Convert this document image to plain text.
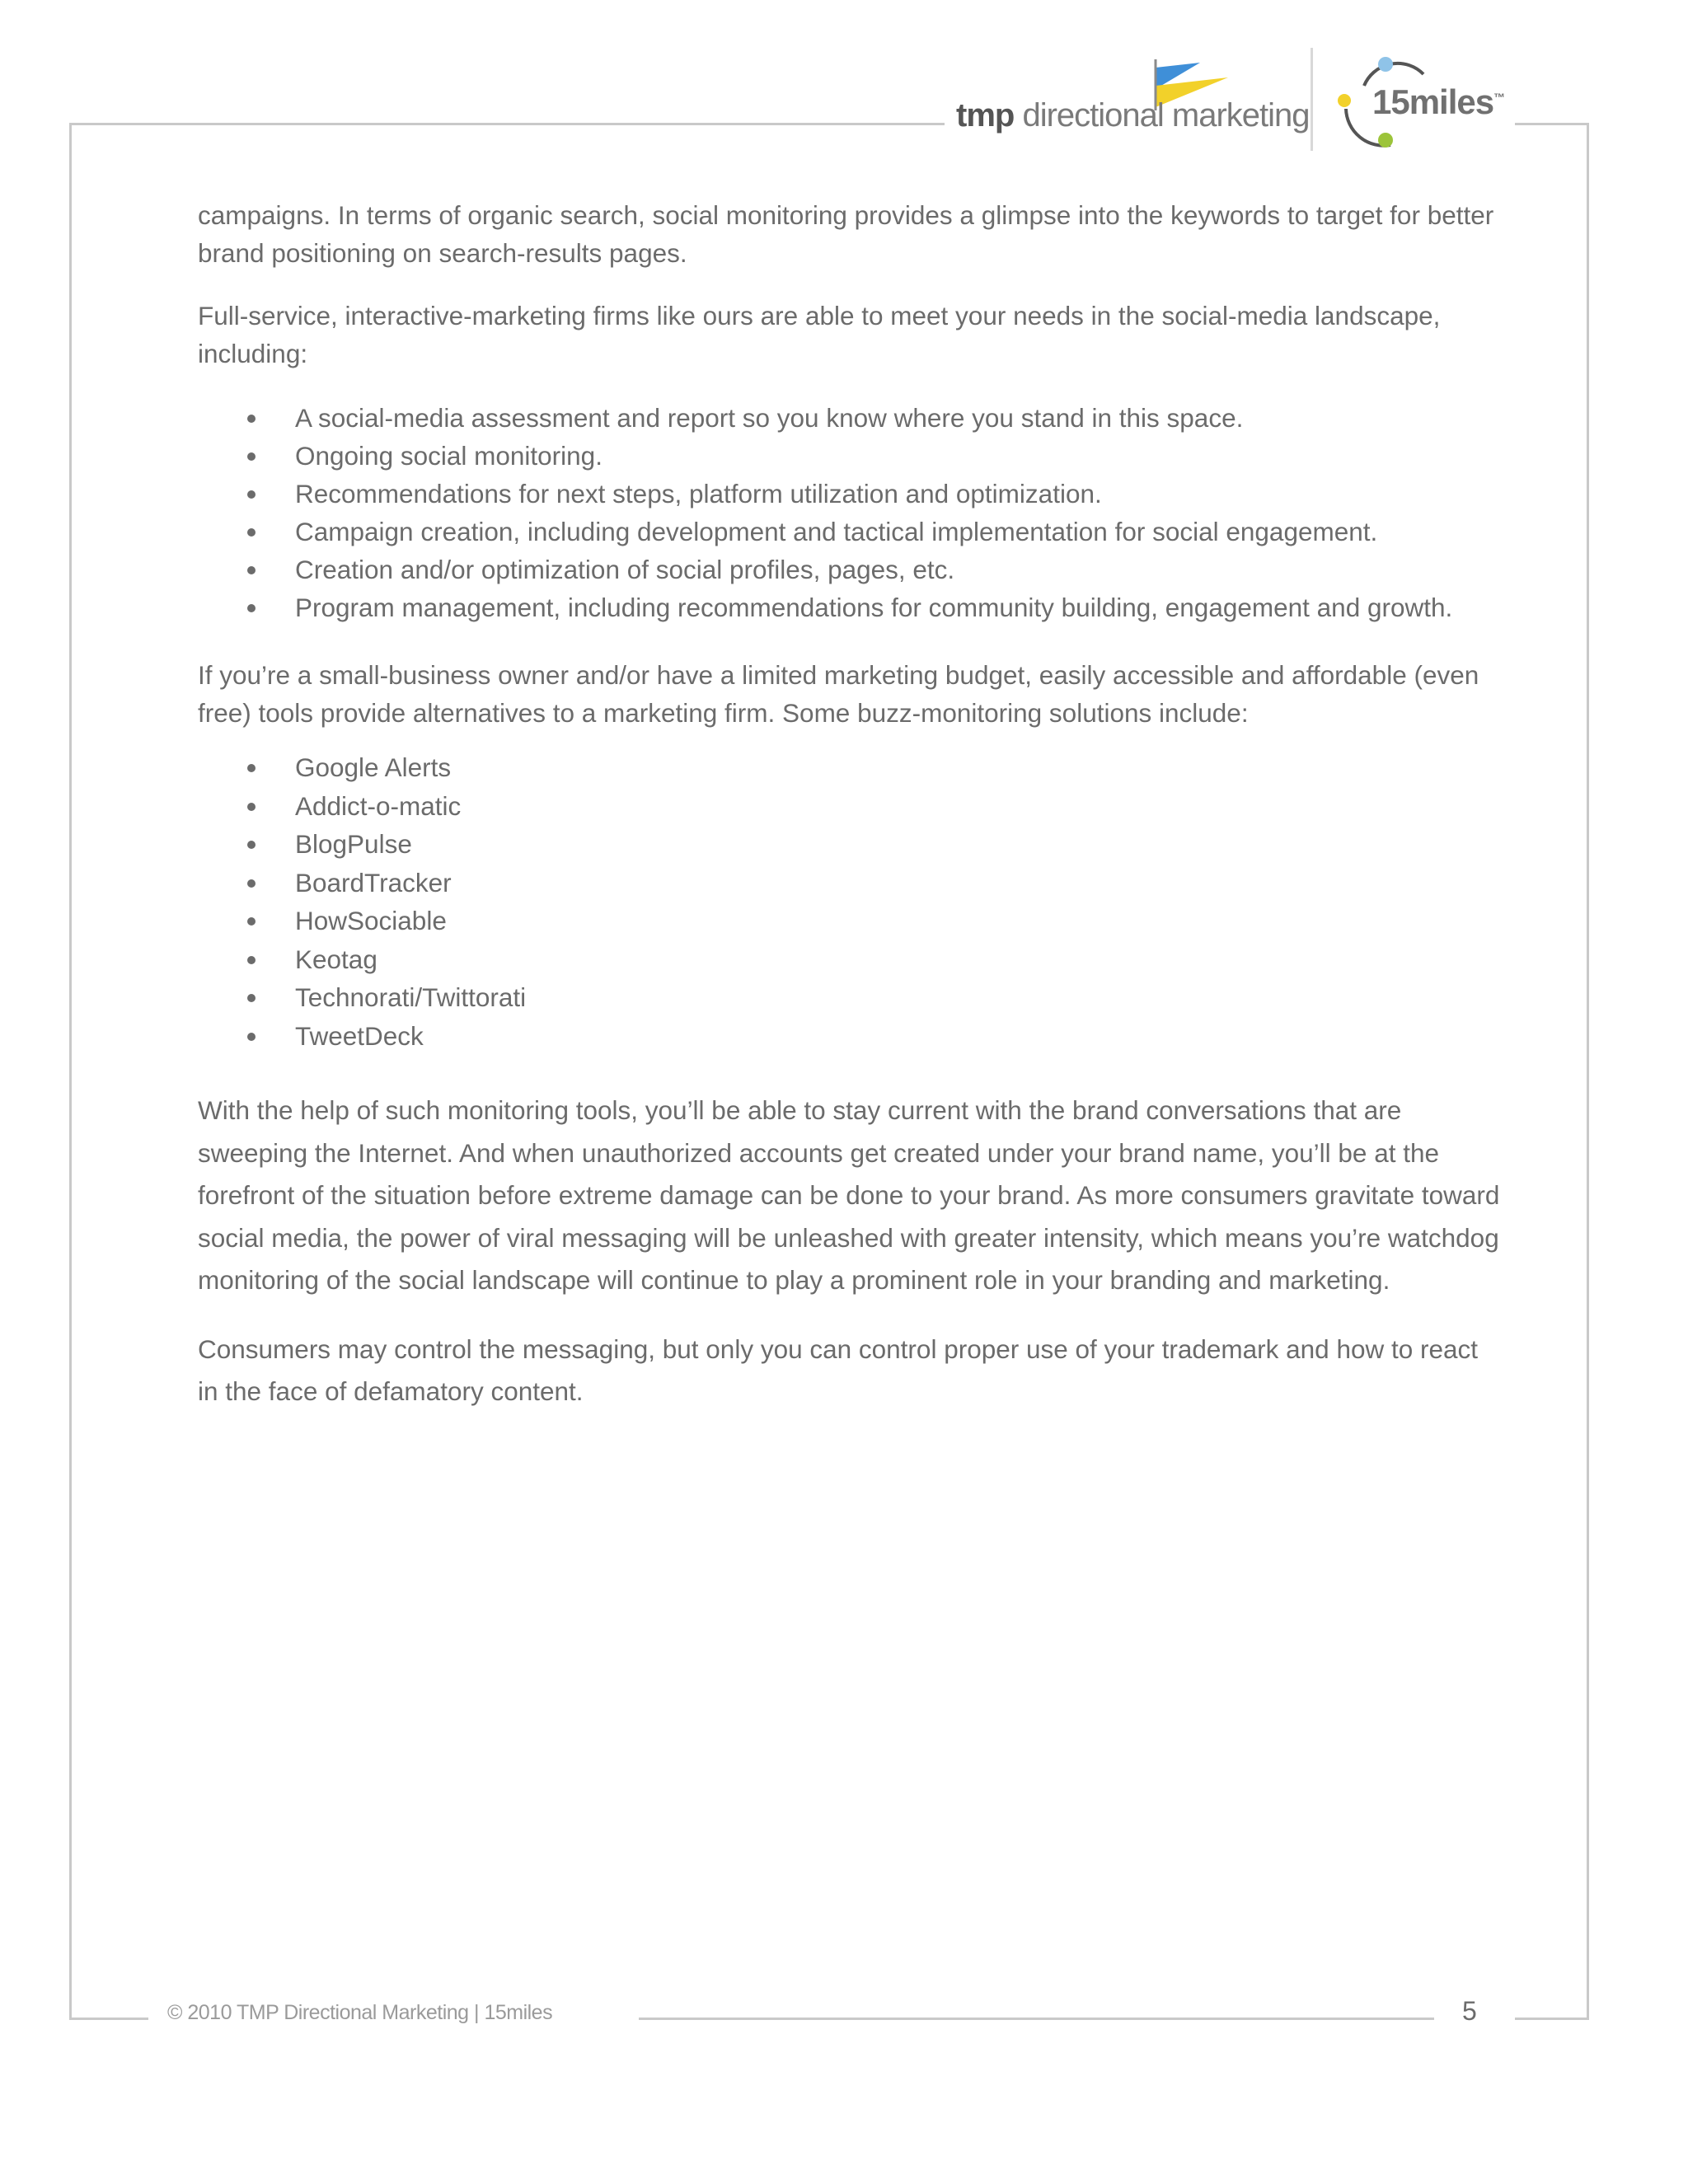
tmp directional marketing 15miles™

campaigns. In terms of organic search, social monitoring provides a glimpse into the keywords to target for better brand positioning on search-results pages.

Full-service, interactive-marketing firms like ours are able to meet your needs in the social-media landscape, including:

A social-media assessment and report so you know where you stand in this space.
Ongoing social monitoring.
Recommendations for next steps, platform utilization and optimization.
Campaign creation, including development and tactical implementation for social engagement.
Creation and/or optimization of social profiles, pages, etc.
Program management, including recommendations for community building, engagement and growth.

If you’re a small-business owner and/or have a limited marketing budget, easily accessible and affordable (even free) tools provide alternatives to a marketing firm. Some buzz-monitoring solutions include:

Google Alerts
Addict-o-matic
BlogPulse
BoardTracker
HowSociable
Keotag
Technorati/Twittorati
TweetDeck

With the help of such monitoring tools, you’ll be able to stay current with the brand conversations that are sweeping the Internet. And when unauthorized accounts get created under your brand name, you’ll be at the forefront of the situation before extreme damage can be done to your brand. As more consumers gravitate toward social media, the power of viral messaging will be unleashed with greater intensity, which means you’re watchdog monitoring of the social landscape will continue to play a prominent role in your branding and marketing.

Consumers may control the messaging, but only you can control proper use of your trademark and how to react in the face of defamatory content.

© 2010 TMP Directional Marketing | 15miles	5
